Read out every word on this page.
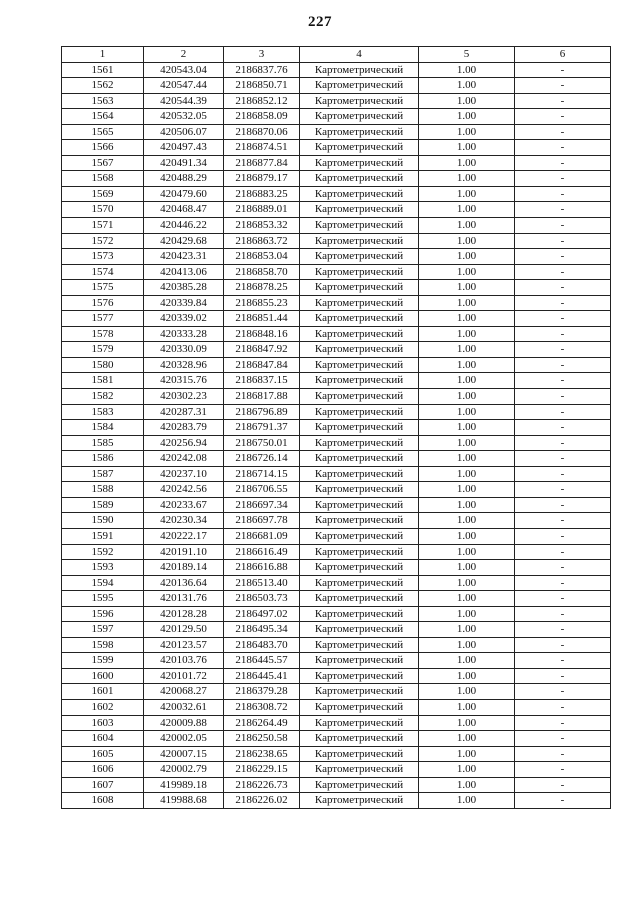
227
1	2	3	4	5	6
1561	420543.04	2186837.76	Картометрический	1.00	-
1562	420547.44	2186850.71	Картометрический	1.00	-
1563	420544.39	2186852.12	Картометрический	1.00	-
1564	420532.05	2186858.09	Картометрический	1.00	-
1565	420506.07	2186870.06	Картометрический	1.00	-
1566	420497.43	2186874.51	Картометрический	1.00	-
1567	420491.34	2186877.84	Картометрический	1.00	-
1568	420488.29	2186879.17	Картометрический	1.00	-
1569	420479.60	2186883.25	Картометрический	1.00	-
1570	420468.47	2186889.01	Картометрический	1.00	-
1571	420446.22	2186853.32	Картометрический	1.00	-
1572	420429.68	2186863.72	Картометрический	1.00	-
1573	420423.31	2186853.04	Картометрический	1.00	-
1574	420413.06	2186858.70	Картометрический	1.00	-
1575	420385.28	2186878.25	Картометрический	1.00	-
1576	420339.84	2186855.23	Картометрический	1.00	-
1577	420339.02	2186851.44	Картометрический	1.00	-
1578	420333.28	2186848.16	Картометрический	1.00	-
1579	420330.09	2186847.92	Картометрический	1.00	-
1580	420328.96	2186847.84	Картометрический	1.00	-
1581	420315.76	2186837.15	Картометрический	1.00	-
1582	420302.23	2186817.88	Картометрический	1.00	-
1583	420287.31	2186796.89	Картометрический	1.00	-
1584	420283.79	2186791.37	Картометрический	1.00	-
1585	420256.94	2186750.01	Картометрический	1.00	-
1586	420242.08	2186726.14	Картометрический	1.00	-
1587	420237.10	2186714.15	Картометрический	1.00	-
1588	420242.56	2186706.55	Картометрический	1.00	-
1589	420233.67	2186697.34	Картометрический	1.00	-
1590	420230.34	2186697.78	Картометрический	1.00	-
1591	420222.17	2186681.09	Картометрический	1.00	-
1592	420191.10	2186616.49	Картометрический	1.00	-
1593	420189.14	2186616.88	Картометрический	1.00	-
1594	420136.64	2186513.40	Картометрический	1.00	-
1595	420131.76	2186503.73	Картометрический	1.00	-
1596	420128.28	2186497.02	Картометрический	1.00	-
1597	420129.50	2186495.34	Картометрический	1.00	-
1598	420123.57	2186483.70	Картометрический	1.00	-
1599	420103.76	2186445.57	Картометрический	1.00	-
1600	420101.72	2186445.41	Картометрический	1.00	-
1601	420068.27	2186379.28	Картометрический	1.00	-
1602	420032.61	2186308.72	Картометрический	1.00	-
1603	420009.88	2186264.49	Картометрический	1.00	-
1604	420002.05	2186250.58	Картометрический	1.00	-
1605	420007.15	2186238.65	Картометрический	1.00	-
1606	420002.79	2186229.15	Картометрический	1.00	-
1607	419989.18	2186226.73	Картометрический	1.00	-
1608	419988.68	2186226.02	Картометрический	1.00	-
